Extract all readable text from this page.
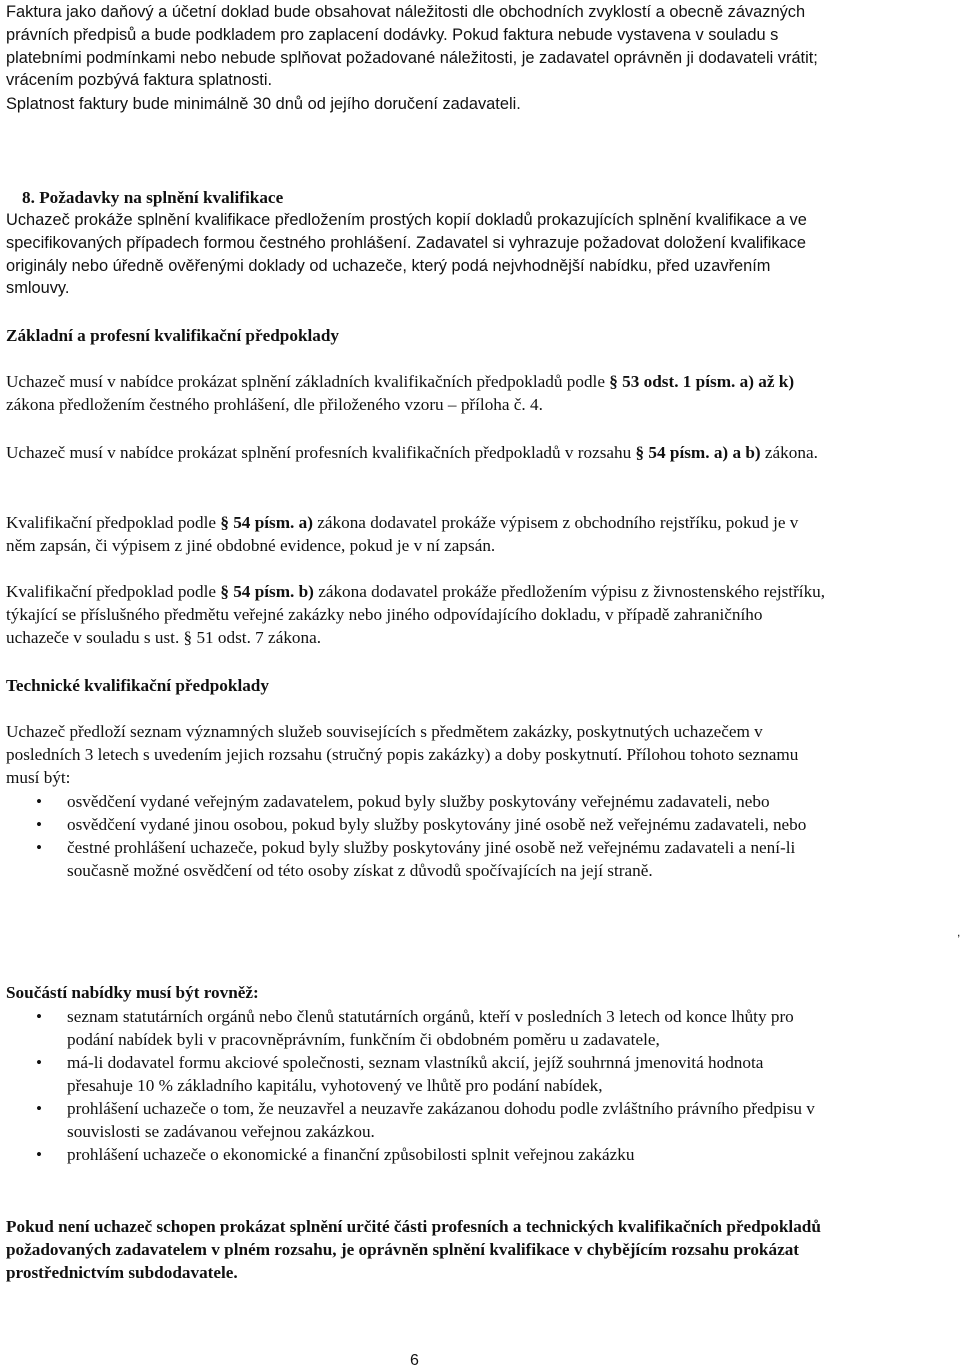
Faktura jako daňový a účetní doklad bude obsahovat náležitosti dle obchodních zvyklostí a obecně závazných právních předpisů a bude podkladem pro zaplacení dodávky. Pokud faktura nebude vystavena v souladu s platebními podmínkami nebo nebude splňovat požadované náležitosti, je zadavatel oprávněn ji dodavateli vrátit; vrácením pozbývá faktura splatnosti.

Splatnost faktury bude minimálně 30 dnů od jejího doručení zadavateli.

8. Požadavky na splnění kvalifikace

Uchazeč prokáže splnění kvalifikace předložením prostých kopií dokladů prokazujících splnění kvalifikace a ve specifikovaných případech formou čestného prohlášení. Zadavatel si vyhrazuje požadovat doložení kvalifikace originály nebo úředně ověřenými doklady od uchazeče, který podá nejvhodnější nabídku, před uzavřením smlouvy.

Základní a profesní kvalifikační předpoklady

Uchazeč musí v nabídce prokázat splnění základních kvalifikačních předpokladů podle § 53 odst. 1 písm. a) až k) zákona předložením čestného prohlášení, dle přiloženého vzoru – příloha č. 4.

Uchazeč musí v nabídce prokázat splnění profesních kvalifikačních předpokladů v rozsahu § 54 písm. a) a b) zákona.

Kvalifikační předpoklad podle § 54 písm. a) zákona dodavatel prokáže výpisem z obchodního rejstříku, pokud je v něm zapsán, či výpisem z jiné obdobné evidence, pokud je v ní zapsán.

Kvalifikační předpoklad podle § 54 písm. b) zákona dodavatel prokáže předložením výpisu z živnostenského rejstříku, týkající se příslušného předmětu veřejné zakázky nebo jiného odpovídajícího dokladu, v případě zahraničního uchazeče v souladu s ust. § 51 odst. 7 zákona.

Technické kvalifikační předpoklady

Uchazeč předloží seznam významných služeb souvisejících s předmětem zakázky, poskytnutých uchazečem v posledních 3 letech s uvedením jejich rozsahu (stručný popis zakázky) a doby poskytnutí. Přílohou tohoto seznamu musí být:

• osvědčení vydané veřejným zadavatelem, pokud byly služby poskytovány veřejnému zadavateli, nebo
• osvědčení vydané jinou osobou, pokud byly služby poskytovány jiné osobě než veřejnému zadavateli, nebo
• čestné prohlášení uchazeče, pokud byly služby poskytovány jiné osobě než veřejnému zadavateli a není-li současně možné osvědčení od této osoby získat z důvodů spočívajících na její straně.
Součástí nabídky musí být rovněž:
• seznam statutárních orgánů nebo členů statutárních orgánů, kteří v posledních 3 letech od konce lhůty pro podání nabídek byli v pracovněprávním, funkčním či obdobném poměru u zadavatele,
• má-li dodavatel formu akciové společnosti, seznam vlastníků akcií, jejíž souhrnná jmenovitá hodnota přesahuje 10 % základního kapitálu, vyhotovený ve lhůtě pro podání nabídek,
• prohlášení uchazeče o tom, že neuzavřel a neuzavře zakázanou dohodu podle zvláštního právního předpisu v souvislosti se zadávanou veřejnou zakázkou.
• prohlášení uchazeče o ekonomické a finanční způsobilosti splnit veřejnou zakázku

Pokud není uchazeč schopen prokázat splnění určité části profesních a technických kvalifikačních předpokladů požadovaných zadavatelem v plném rozsahu, je oprávněn splnění kvalifikace v chybějícím rozsahu prokázat prostřednictvím subdodavatele.

6
